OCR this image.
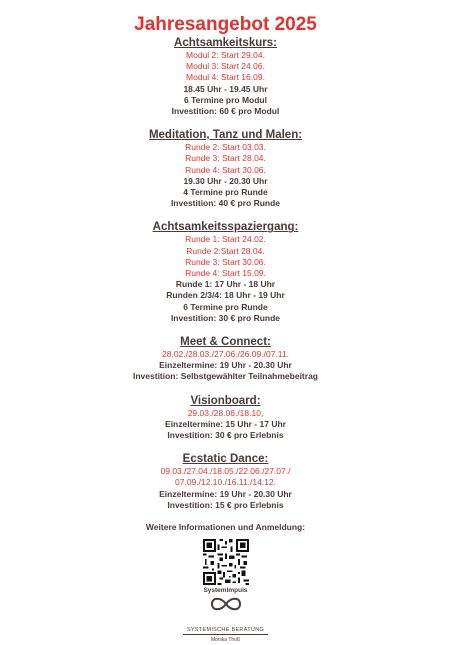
Jahresangebot 2025
Achtsamkeitskurs:
Modul 2: Start 29.04.
Modul 3: Start 24.06.
Modul 4: Start 16.09.
18.45 Uhr - 19.45 Uhr
6 Termine pro Modul
Investition: 60 € pro Modul
Meditation, Tanz und Malen:
Runde 2: Start 03.03.
Runde 3: Start 28.04.
Runde 4: Start 30.06.
19.30 Uhr - 20.30 Uhr
4 Termine pro Runde
Investition: 40 € pro Runde
Achtsamkeitsspaziergang:
Runde 1: Start 24.02.
Runde 2:Start 28.04.
Runde 3: Start 30.06.
Runde 4: Start 15.09.
Runde 1: 17 Uhr - 18 Uhr
Runden 2/3/4: 18 Uhr - 19 Uhr
6 Termine pro Runde
Investition: 30 € pro Runde
Meet & Connect:
28.02./28.03./27.06./26.09./07.11.
Einzeltermine: 19 Uhr - 20.30 Uhr
Investition: Selbstgewählter Teilnahmebeitrag
Visionboard:
29.03./28.06./18.10,
Einzeltermine: 15 Uhr - 17 Uhr
Investition: 30 € pro Erlebnis
Ecstatic Dance:
09.03./27.04./18.05./22.06./27.07./
07.09./12.10./16.11./14.12.
Einzeltermine: 19 Uhr - 20.30 Uhr
Investition: 15 € pro Erlebnis
Weitere Informationen und Anmeldung:
SystemImpuls
SYSTEMISCHE BERATUNG
Monika Thoß
